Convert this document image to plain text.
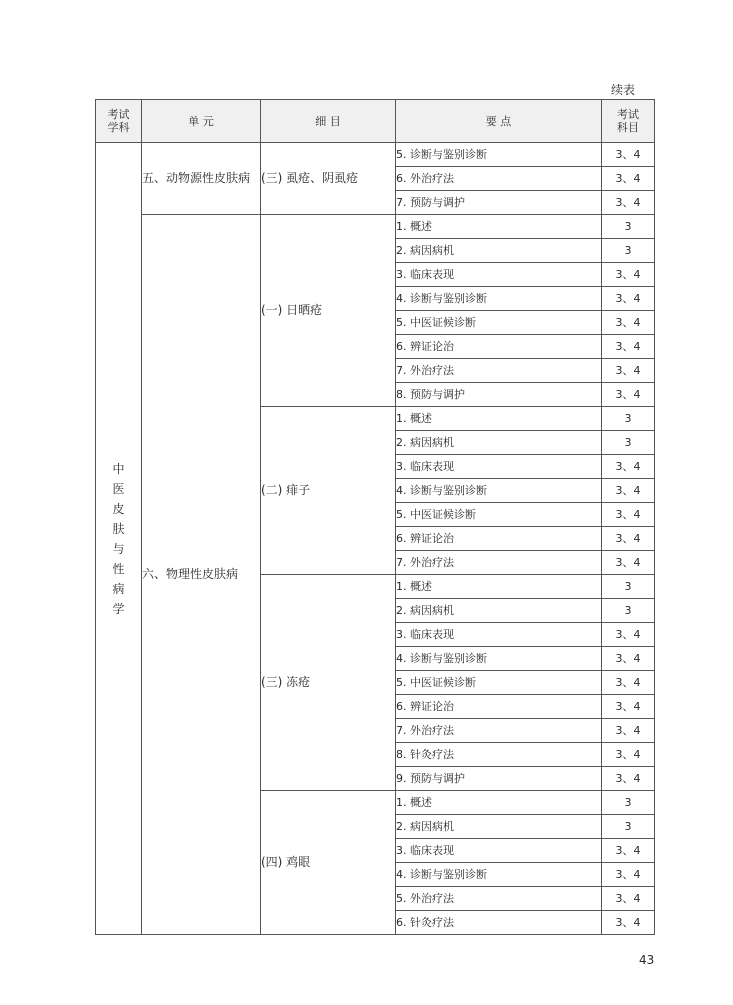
续表
考试学科	单 元	细 目	要 点	考试科目
中医皮肤与性病学	五、动物源性皮肤病	(三) 虱疮、阴虱疮	5. 诊断与鉴别诊断	3、4
			6. 外治疗法	3、4
			7. 预防与调护	3、4
	六、物理性皮肤病	(一) 日晒疮	1. 概述	3
			2. 病因病机	3
			3. 临床表现	3、4
			4. 诊断与鉴别诊断	3、4
			5. 中医证候诊断	3、4
			6. 辨证论治	3、4
			7. 外治疗法	3、4
			8. 预防与调护	3、4
		(二) 痱子	1. 概述	3
			2. 病因病机	3
			3. 临床表现	3、4
			4. 诊断与鉴别诊断	3、4
			5. 中医证候诊断	3、4
			6. 辨证论治	3、4
			7. 外治疗法	3、4
		(三) 冻疮	1. 概述	3
			2. 病因病机	3
			3. 临床表现	3、4
			4. 诊断与鉴别诊断	3、4
			5. 中医证候诊断	3、4
			6. 辨证论治	3、4
			7. 外治疗法	3、4
			8. 针灸疗法	3、4
			9. 预防与调护	3、4
		(四) 鸡眼	1. 概述	3
			2. 病因病机	3
			3. 临床表现	3、4
			4. 诊断与鉴别诊断	3、4
			5. 外治疗法	3、4
			6. 针灸疗法	3、4
43
